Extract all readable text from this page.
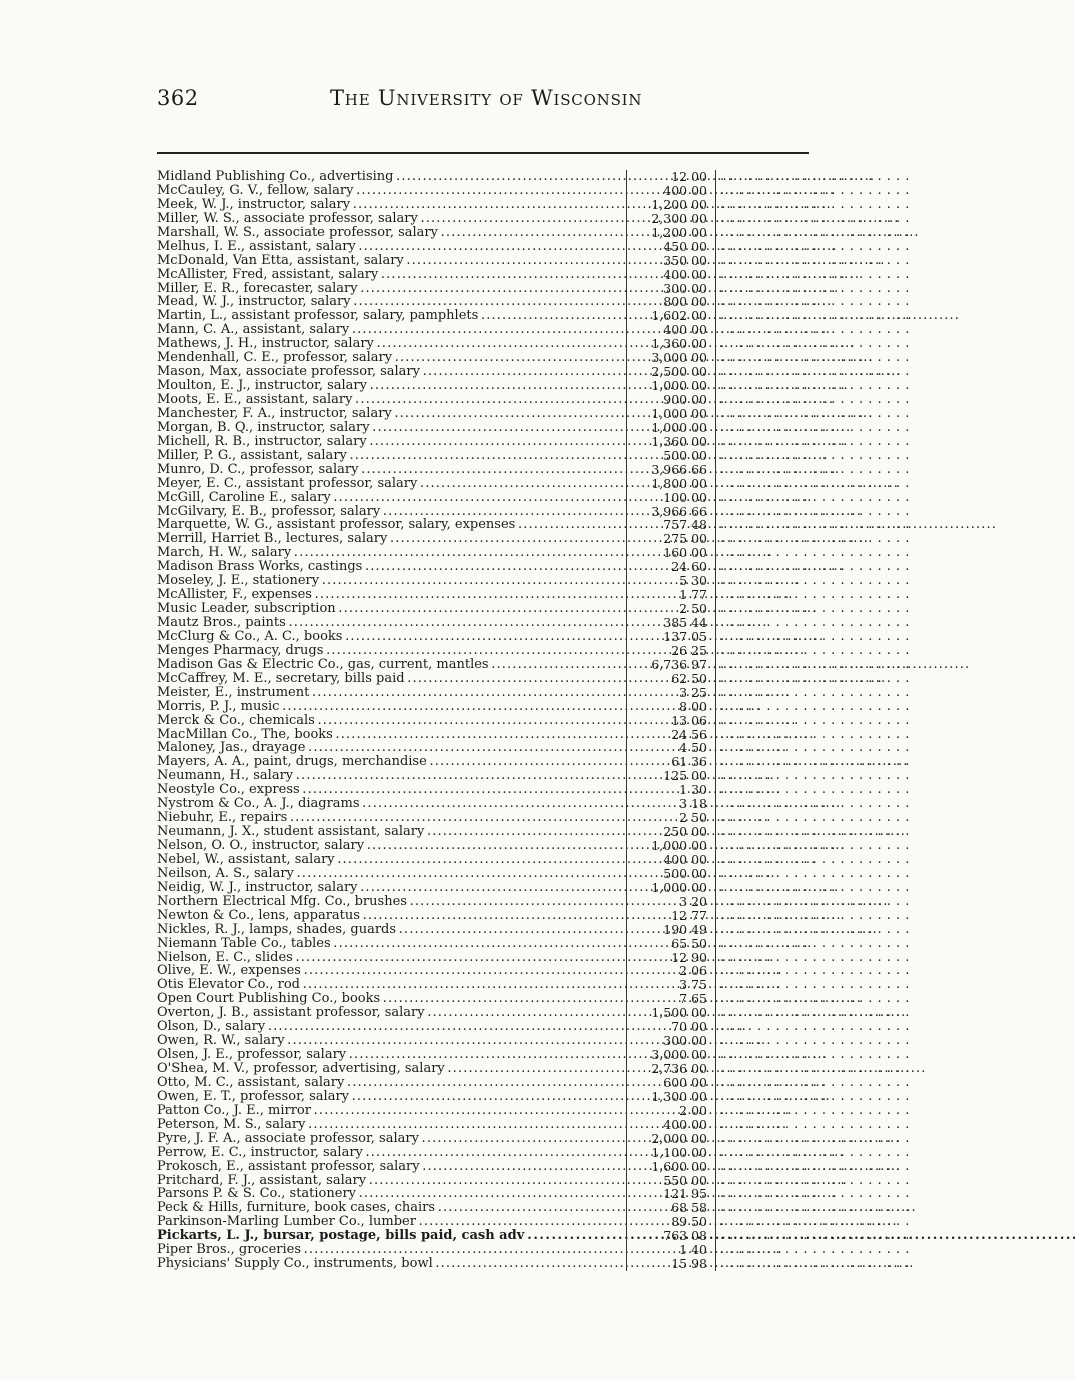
362	The University of Wisconsin
Midland Publishing Co., advertising . . .	12 00 . . . . . . . . . . . . . . . . . . . . .
McCauley, G. V., fellow, salary . . .	400 00 . . . . . . . . . . . . . . . . . . . . .
Meek, W. J., instructor, salary . . .	1,200 00 . . . . . . . . . . . . . . . . . . . . .
Miller, W. S., associate professor, salary . . .	2,300 00 . . . . . . . . . . . . . . . . . . . . .
Marshall, W. S., associate professor, salary . . .	1,200 00 . . . . . . . . . . . . . . . . . . . . .
Melhus, I. E., assistant, salary . . .	450 00 . . . . . . . . . . . . . . . . . . . . .
McDonald, Van Etta, assistant, salary . . .	350 00 . . . . . . . . . . . . . . . . . . . . .
McAllister, Fred, assistant, salary . . .	400 00 . . . . . . . . . . . . . . . . . . . . .
Miller, E. R., forecaster, salary . . .	300 00 . . . . . . . . . . . . . . . . . . . . .
Mead, W. J., instructor, salary . . .	800 00 . . . . . . . . . . . . . . . . . . . . .
Martin, L., assistant professor, salary, pamphlets . . .	1,602 00 . . . . . . . . . . . . . . . . . . . . .
Mann, C. A., assistant, salary . . .	400 00 . . . . . . . . . . . . . . . . . . . . .
Mathews, J. H., instructor, salary . . .	1,360 00 . . . . . . . . . . . . . . . . . . . . .
Mendenhall, C. E., professor, salary . . .	3,000 00 . . . . . . . . . . . . . . . . . . . . .
Mason, Max, associate professor, salary . . .	2,500 00 . . . . . . . . . . . . . . . . . . . . .
Moulton, E. J., instructor, salary . . .	1,000 00 . . . . . . . . . . . . . . . . . . . . .
Moots, E. E., assistant, salary . . .	900 00 . . . . . . . . . . . . . . . . . . . . .
Manchester, F. A., instructor, salary . . .	1,000 00 . . . . . . . . . . . . . . . . . . . . .
Morgan, B. Q., instructor, salary . . .	1,000 00 . . . . . . . . . . . . . . . . . . . . .
Michell, R. B., instructor, salary . . .	1,360 00 . . . . . . . . . . . . . . . . . . . . .
Miller, P. G., assistant, salary . . .	500 00 . . . . . . . . . . . . . . . . . . . . .
Munro, D. C., professor, salary . . .	3,966 66 . . . . . . . . . . . . . . . . . . . . .
Meyer, E. C., assistant professor, salary . . .	1,800 00 . . . . . . . . . . . . . . . . . . . . .
McGill, Caroline E., salary . . .	100 00 . . . . . . . . . . . . . . . . . . . . .
McGilvary, E. B., professor, salary . . .	3,966 66 . . . . . . . . . . . . . . . . . . . . .
Marquette, W. G., assistant professor, salary, expenses . . .	757 48 . . . . . . . . . . . . . . . . . . . . .
Merrill, Harriet B., lectures, salary . . .	275 00 . . . . . . . . . . . . . . . . . . . . .
March, H. W., salary . . .	160 00 . . . . . . . . . . . . . . . . . . . . .
Madison Brass Works, castings . . .	24 60 . . . . . . . . . . . . . . . . . . . . .
Moseley, J. E., stationery . . .	5 30 . . . . . . . . . . . . . . . . . . . . .
McAllister, F., expenses . . .	1 77 . . . . . . . . . . . . . . . . . . . . .
Music Leader, subscription . . .	2 50 . . . . . . . . . . . . . . . . . . . . .
Mautz Bros., paints . . .	385 44 . . . . . . . . . . . . . . . . . . . . .
McClurg & Co., A. C., books . . .	137 05 . . . . . . . . . . . . . . . . . . . . .
Menges Pharmacy, drugs . . .	26 25 . . . . . . . . . . . . . . . . . . . . .
Madison Gas & Electric Co., gas, current, mantles . . .	6,736 97 . . . . . . . . . . . . . . . . . . . . .
McCaffrey, M. E., secretary, bills paid . . .	62 50 . . . . . . . . . . . . . . . . . . . . .
Meister, E., instrument . . .	3 25 . . . . . . . . . . . . . . . . . . . . .
Morris, P. J., music . . .	8 00 . . . . . . . . . . . . . . . . . . . . .
Merck & Co., chemicals . . .	13 06 . . . . . . . . . . . . . . . . . . . . .
MacMillan Co., The, books . . .	24 56 . . . . . . . . . . . . . . . . . . . . .
Maloney, Jas., drayage . . .	4 50 . . . . . . . . . . . . . . . . . . . . .
Mayers, A. A., paint, drugs, merchandise . . .	61 36 . . . . . . . . . . . . . . . . . . . . .
Neumann, H., salary . . .	125 00 . . . . . . . . . . . . . . . . . . . . .
Neostyle Co., express . . .	1 30 . . . . . . . . . . . . . . . . . . . . .
Nystrom & Co., A. J., diagrams . . .	3 18 . . . . . . . . . . . . . . . . . . . . .
Niebuhr, E., repairs . . .	2 50 . . . . . . . . . . . . . . . . . . . . .
Neumann, J. X., student assistant, salary . . .	250 00 . . . . . . . . . . . . . . . . . . . . .
Nelson, O. O., instructor, salary . . .	1,000 00 . . . . . . . . . . . . . . . . . . . . .
Nebel, W., assistant, salary . . .	400 00 . . . . . . . . . . . . . . . . . . . . .
Neilson, A. S., salary . . .	500 00 . . . . . . . . . . . . . . . . . . . . .
Neidig, W. J., instructor, salary . . .	1,000 00 . . . . . . . . . . . . . . . . . . . . .
Northern Electrical Mfg. Co., brushes . . .	3 20 . . . . . . . . . . . . . . . . . . . . .
Newton & Co., lens, apparatus . . .	12 77 . . . . . . . . . . . . . . . . . . . . .
Nickles, R. J., lamps, shades, guards . . .	190 49 . . . . . . . . . . . . . . . . . . . . .
Niemann Table Co., tables . . .	65 50 . . . . . . . . . . . . . . . . . . . . .
Nielson, E. C., slides . . .	12 90 . . . . . . . . . . . . . . . . . . . . .
Olive, E. W., expenses . . .	2 06 . . . . . . . . . . . . . . . . . . . . .
Otis Elevator Co., rod . . .	3 75 . . . . . . . . . . . . . . . . . . . . .
Open Court Publishing Co., books . . .	7 65 . . . . . . . . . . . . . . . . . . . . .
Overton, J. B., assistant professor, salary . . .	1,500 00 . . . . . . . . . . . . . . . . . . . . .
Olson, D., salary . . .	70 00 . . . . . . . . . . . . . . . . . . . . .
Owen, R. W., salary . . .	300 00 . . . . . . . . . . . . . . . . . . . . .
Olsen, J. E., professor, salary . . .	3,000 00 . . . . . . . . . . . . . . . . . . . . .
O'Shea, M. V., professor, advertising, salary . . .	2,736 00 . . . . . . . . . . . . . . . . . . . . .
Otto, M. C., assistant, salary . . .	600 00 . . . . . . . . . . . . . . . . . . . . .
Owen, E. T., professor, salary . . .	1,300 00 . . . . . . . . . . . . . . . . . . . . .
Patton Co., J. E., mirror . . .	2 00 . . . . . . . . . . . . . . . . . . . . .
Peterson, M. S., salary . . .	400 00 . . . . . . . . . . . . . . . . . . . . .
Pyre, J. F. A., associate professor, salary . . .	2,000 00 . . . . . . . . . . . . . . . . . . . . .
Perrow, E. C., instructor, salary . . .	1,100 00 . . . . . . . . . . . . . . . . . . . . .
Prokosch, E., assistant professor, salary . . .	1,600 00 . . . . . . . . . . . . . . . . . . . . .
Pritchard, F. J., assistant, salary . . .	550 00 . . . . . . . . . . . . . . . . . . . . .
Parsons P. & S. Co., stationery . . .	121 95 . . . . . . . . . . . . . . . . . . . . .
Peck & Hills, furniture, book cases, chairs . . .	68 58 . . . . . . . . . . . . . . . . . . . . .
Parkinson-Marling Lumber Co., lumber . . .	89 50 . . . . . . . . . . . . . . . . . . . . .
Pickarts, L. J., bursar, postage, bills paid, cash adv . . .	763 08 . . . . . . . . . . . . . . . . . . . . .
Piper Bros., groceries . . .	1 40 . . . . . . . . . . . . . . . . . . . . .
Physicians' Supply Co., instruments, bowl . . .	15 98 . . . . . . . . . . . . . . . . . . . . .
